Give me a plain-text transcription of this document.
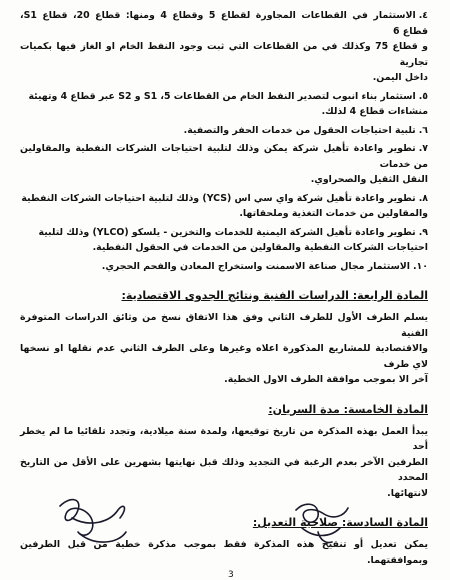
٤.الاستثمار في القطاعات المجاورة لقطاع 5 وقطاع 4 ومنها: قطاع 20، قطاع S1، قطاع 6
و قطاع 75 وكذلك في من القطاعات التي ثبت وجود النفط الخام او الغاز فيها بكميات تجارية
داخل اليمن.
٥.استثمار بناء انبوب لتصدير النفط الخام من القطاعات 5، S1 و S2 عبر قطاع 4 وتهيئة
منشاءات قطاع 4 لذلك.
٦.تلبية احتياجات الحقول من خدمات الحفر والتصفية.
٧.تطوير واعادة تأهيل شركة يمكن وذلك لتلبية احتياجات الشركات النفطية والمقاولين من خدمات
النقل الثقيل والصحراوي.
٨.تطوير واعادة تأهيل شركة واي سي اس (YCS) وذلك لتلبية احتياجات الشركات النفطية
والمقاولين من خدمات التغذية وملحقاتها.
٩.تطوير واعادة تأهيل الشركة اليمنية للخدمات والتخزين - يلسكو (YLCO) وذلك لتلبية
احتياجات الشركات النفطية والمقاولين من الخدمات في الحقول النفطية.
١٠.الاستثمار مجال صناعة الاسمنت واستخراج المعادن والفحم الحجري.
المادة الرابعة: الدراسات الفنية ونتائج الجدوى الاقتصادية:
يسلم الطرف الأول للطرف الثاني وفق هذا الاتفاق نسخ من وثائق الدراسات المتوفرة الفنية
والاقتصادية للمشاريع المذكورة اعلاه وغيرها وعلى الطرف الثاني عدم نقلها او نسخها لاي طرف
آخر الا بموجب موافقة الطرف الاول الخطية.
المادة الخامسة: مدة السريان:
يبدأ العمل بهذه المذكرة من تاريخ توقيعها، ولمدة سنة ميلادية، وتجدد تلقائيا ما لم يخطر أحد
الطرفين الآخر بعدم الرغبة في التجديد وذلك قبل نهايتها بشهرين على الأقل من التاريخ المحدد
لانتهائها.
المادة السادسة: صلاحية التعديل:
يمكن تعديل أو تنقيح هذه المذكرة فقط بموجب مذكرة خطية من قبل الطرفين وبموافقتهما.
3
